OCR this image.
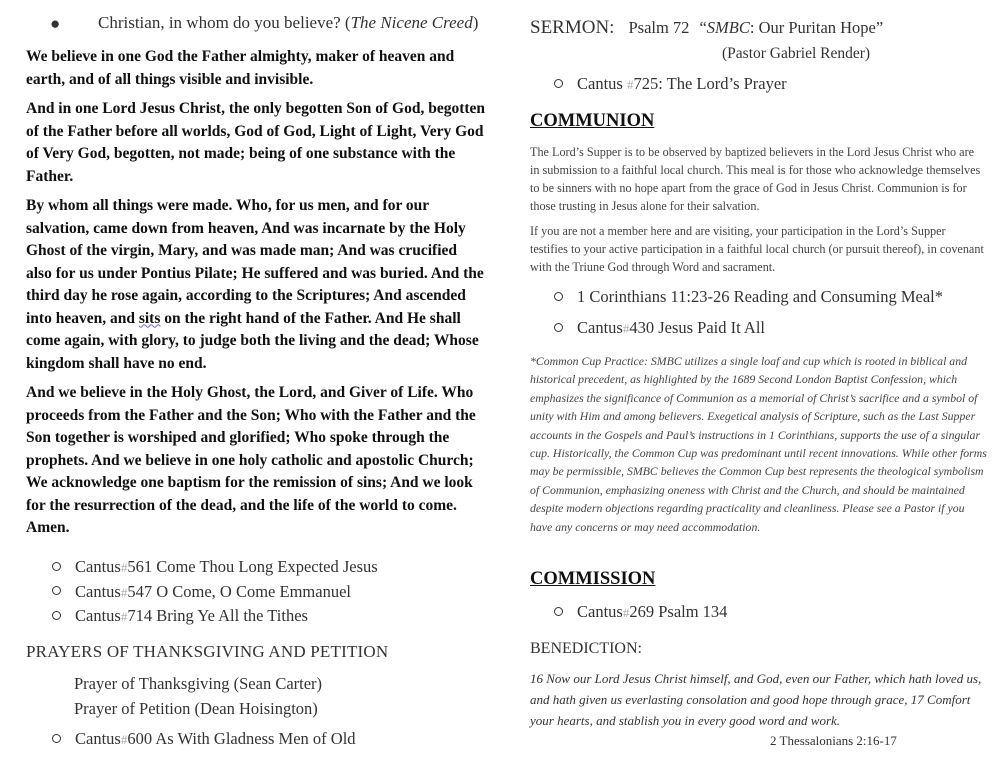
● Christian, in whom do you believe? (The Nicene Creed)

We believe in one God the Father almighty, maker of heaven and earth, and of all things visible and invisible.

And in one Lord Jesus Christ, the only begotten Son of God, begotten of the Father before all worlds, God of God, Light of Light, Very God of Very God, begotten, not made; being of one substance with the Father.

By whom all things were made. Who, for us men, and for our salvation, came down from heaven, And was incarnate by the Holy Ghost of the virgin, Mary, and was made man; And was crucified also for us under Pontius Pilate; He suffered and was buried. And the third day he rose again, according to the Scriptures; And ascended into heaven, and sits on the right hand of the Father. And He shall come again, with glory, to judge both the living and the dead; Whose kingdom shall have no end.

And we believe in the Holy Ghost, the Lord, and Giver of Life. Who proceeds from the Father and the Son; Who with the Father and the Son together is worshiped and glorified; Who spoke through the prophets. And we believe in one holy catholic and apostolic Church; We acknowledge one baptism for the remission of sins; And we look for the resurrection of the dead, and the life of the world to come. Amen.

Cantus#561 Come Thou Long Expected Jesus
Cantus#547 O Come, O Come Emmanuel
Cantus#714 Bring Ye All the Tithes
PRAYERS OF THANKSGIVING AND PETITION
Prayer of Thanksgiving (Sean Carter)
Prayer of Petition (Dean Hoisington)
Cantus#600 As With Gladness Men of Old
SERMON: Psalm 72 “SMBC: Our Puritan Hope”
(Pastor Gabriel Render)
Cantus #725: The Lord’s Prayer
COMMUNION

The Lord’s Supper is to be observed by baptized believers in the Lord Jesus Christ who are in submission to a faithful local church. This meal is for those who acknowledge themselves to be sinners with no hope apart from the grace of God in Jesus Christ. Communion is for those trusting in Jesus alone for their salvation.

If you are not a member here and are visiting, your participation in the Lord’s Supper testifies to your active participation in a faithful local church (or pursuit thereof), in covenant with the Triune God through Word and sacrament.

1 Corinthians 11:23-26 Reading and Consuming Meal*
Cantus#430 Jesus Paid It All

*Common Cup Practice: SMBC utilizes a single loaf and cup which is rooted in biblical and historical precedent, as highlighted by the 1689 Second London Baptist Confession, which emphasizes the significance of Communion as a memorial of Christ’s sacrifice and a symbol of unity with Him and among believers. Exegetical analysis of Scripture, such as the Last Supper accounts in the Gospels and Paul’s instructions in 1 Corinthians, supports the use of a singular cup. Historically, the Common Cup was predominant until recent innovations. While other forms may be permissible, SMBC believes the Common Cup best represents the theological symbolism of Communion, emphasizing oneness with Christ and the Church, and should be maintained despite modern objections regarding practicality and cleanliness. Please see a Pastor if you have any concerns or may need accommodation.

COMMISSION
Cantus#269 Psalm 134
BENEDICTION:

16 Now our Lord Jesus Christ himself, and God, even our Father, which hath loved us, and hath given us everlasting consolation and good hope through grace, 17 Comfort your hearts, and stablish you in every good word and work.

2 Thessalonians 2:16-17
